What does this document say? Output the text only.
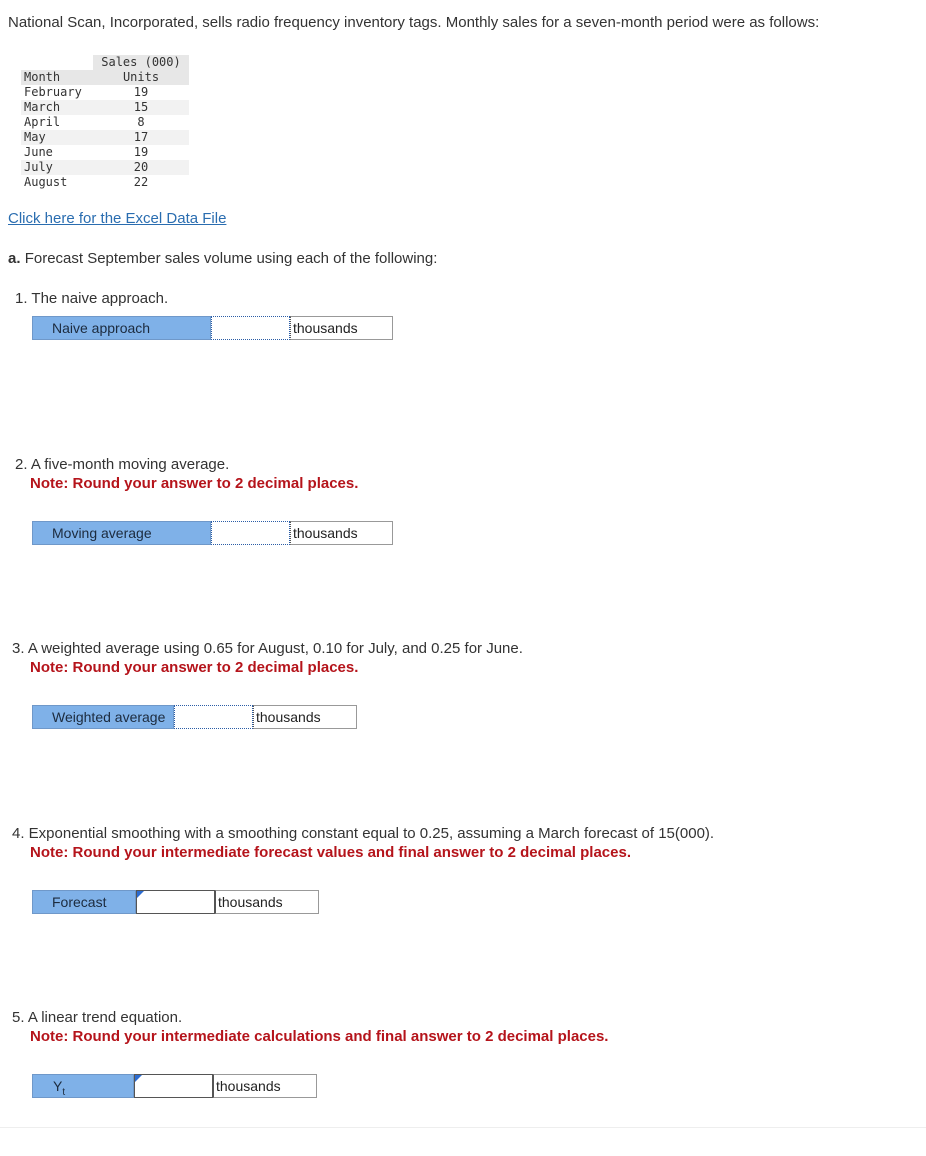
National Scan, Incorporated, sells radio frequency inventory tags. Monthly sales for a seven-month period were as follows:
	Sales (000)
Month	Units
February	19
March	15
April	8
May	17
June	19
July	20
August	22
Click here for the Excel Data File
a. Forecast September sales volume using each of the following:
1. The naive approach.
Naive approach	thousands
2. A five-month moving average.
Note: Round your answer to 2 decimal places.
Moving average	thousands
3. A weighted average using 0.65 for August, 0.10 for July, and 0.25 for June.
Note: Round your answer to 2 decimal places.
Weighted average	thousands
4. Exponential smoothing with a smoothing constant equal to 0.25, assuming a March forecast of 15(000).
Note: Round your intermediate forecast values and final answer to 2 decimal places.
Forecast	thousands
5. A linear trend equation.
Note: Round your intermediate calculations and final answer to 2 decimal places.
$Y_t$	thousands
